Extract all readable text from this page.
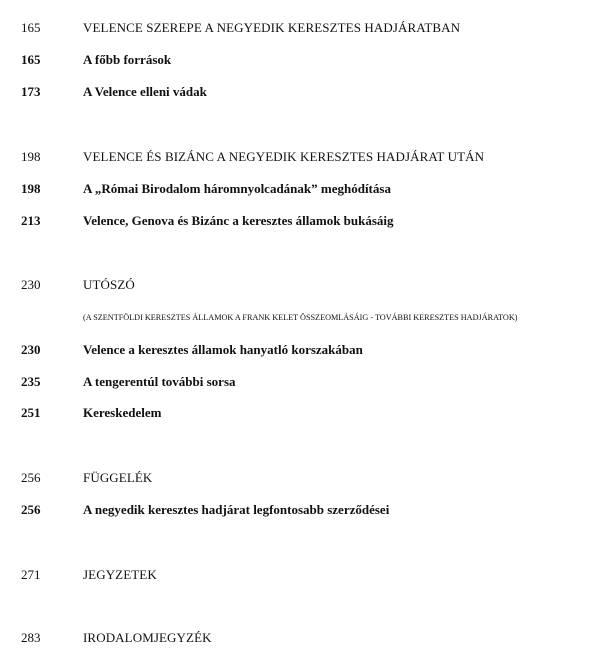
165	VELENCE SZEREPE A NEGYEDIK KERESZTES HADJÁRATBAN
165	A főbb források
173	A Velence elleni vádak
198	VELENCE ÉS BIZÁNC A NEGYEDIK KERESZTES HADJÁRAT UTÁN
198	A „Római Birodalom háromnyolcadának” meghódítása
213	Velence, Genova és Bizánc a keresztes államok bukásáig
230	UTÓSZÓ
(A SZENTFÖLDI KERESZTES ÁLLAMOK A FRANK KELET ÖSSZEOMLÁSÁIG - TOVÁBBI KERESZTES HADJÁRATOK)
230	Velence a keresztes államok hanyatló korszakában
235	A tengerentúl további sorsa
251	Kereskedelem
256	FÜGGELÉK
256	A negyedik keresztes hadjárat legfontosabb szerződései
271	JEGYZETEK
283	IRODALOMJEGYZÉK
